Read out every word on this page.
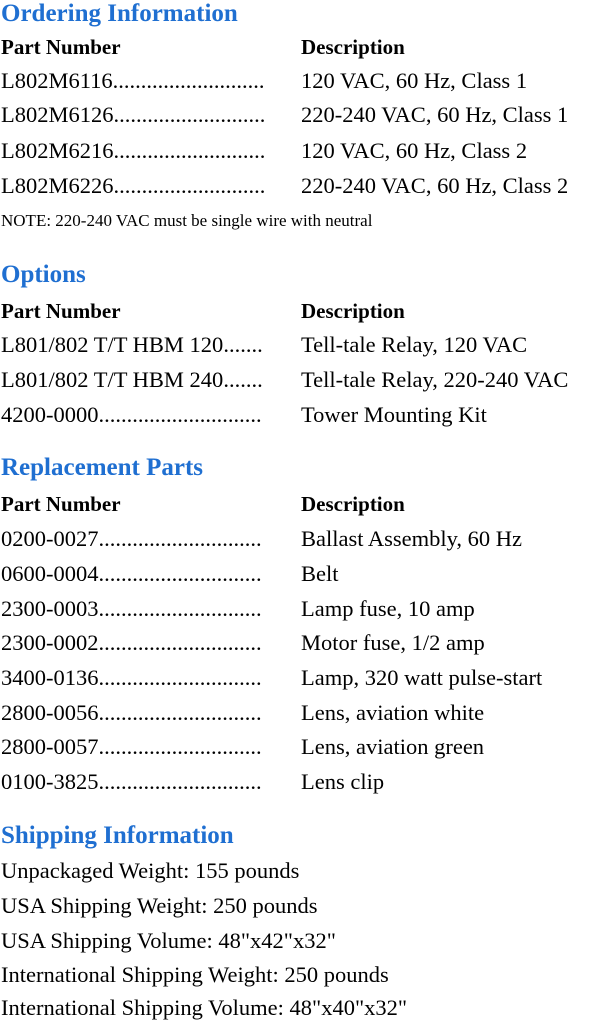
Ordering Information
Part Number	Description
L802M6116...........................	120 VAC, 60 Hz, Class 1
L802M6126...........................	220-240 VAC, 60 Hz, Class 1
L802M6216...........................	120 VAC, 60 Hz, Class 2
L802M6226...........................	220-240 VAC, 60 Hz, Class 2
NOTE: 220-240 VAC must be single wire with neutral
Options
Part Number	Description
L801/802 T/T HBM 120.......	Tell-tale Relay, 120 VAC
L801/802 T/T HBM 240.......	Tell-tale Relay, 220-240 VAC
4200-0000.............................	Tower Mounting Kit
Replacement Parts
Part Number	Description
0200-0027.............................	Ballast Assembly, 60 Hz
0600-0004.............................	Belt
2300-0003.............................	Lamp fuse, 10 amp
2300-0002.............................	Motor fuse, 1/2 amp
3400-0136.............................	Lamp, 320 watt pulse-start
2800-0056.............................	Lens, aviation white
2800-0057.............................	Lens, aviation green
0100-3825.............................	Lens clip
Shipping Information
Unpackaged Weight: 155 pounds
USA Shipping Weight: 250 pounds
USA Shipping Volume: 48"x42"x32"
International Shipping Weight: 250 pounds
International Shipping Volume: 48"x40"x32"
